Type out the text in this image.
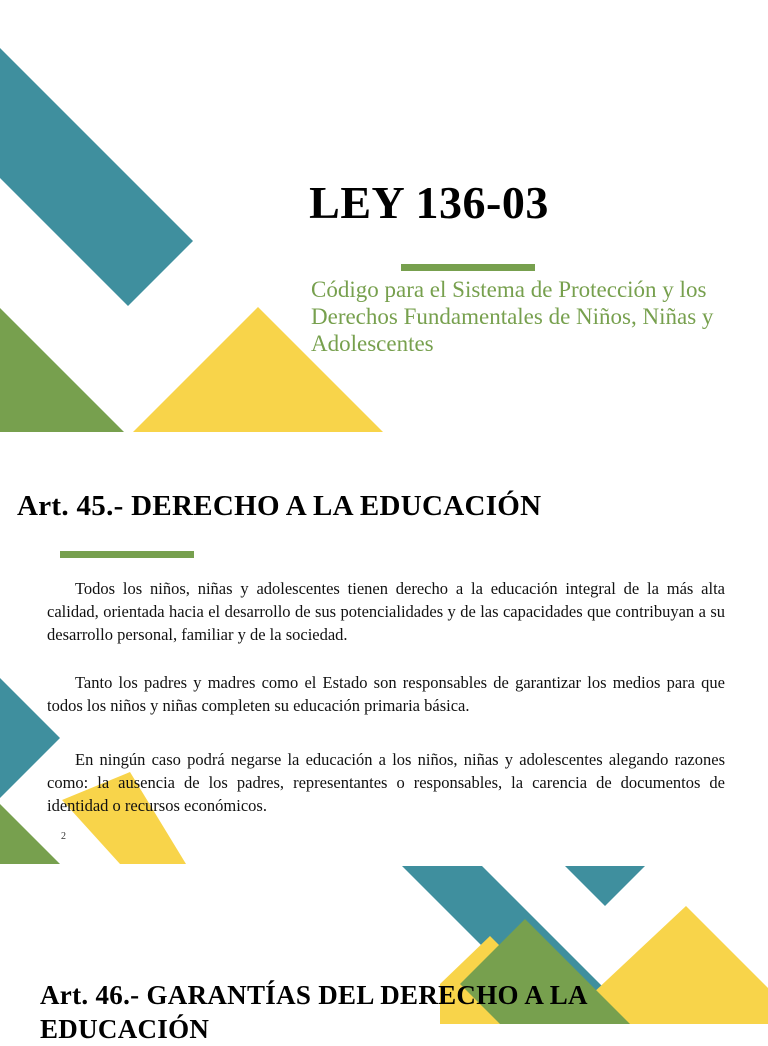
LEY 136-03
Código para el Sistema de Protección y los Derechos Fundamentales de Niños, Niñas y Adolescentes
Art. 45.- DERECHO A LA EDUCACIÓN

Todos los niños, niñas y adolescentes tienen derecho a la educación integral de la más alta calidad, orientada hacia el desarrollo de sus potencialidades y de las capacidades que contribuyan a su desarrollo personal, familiar y de la sociedad.

Tanto los padres y madres como el Estado son responsables de garantizar los medios para que todos los niños y niñas completen su educación primaria básica.

En ningún caso podrá negarse la educación a los niños, niñas y adolescentes alegando razones como: la ausencia de los padres, representantes o responsables, la carencia de documentos de identidad o recursos económicos.

2
Art. 46.- GARANTÍAS DEL DERECHO A LA EDUCACIÓN
